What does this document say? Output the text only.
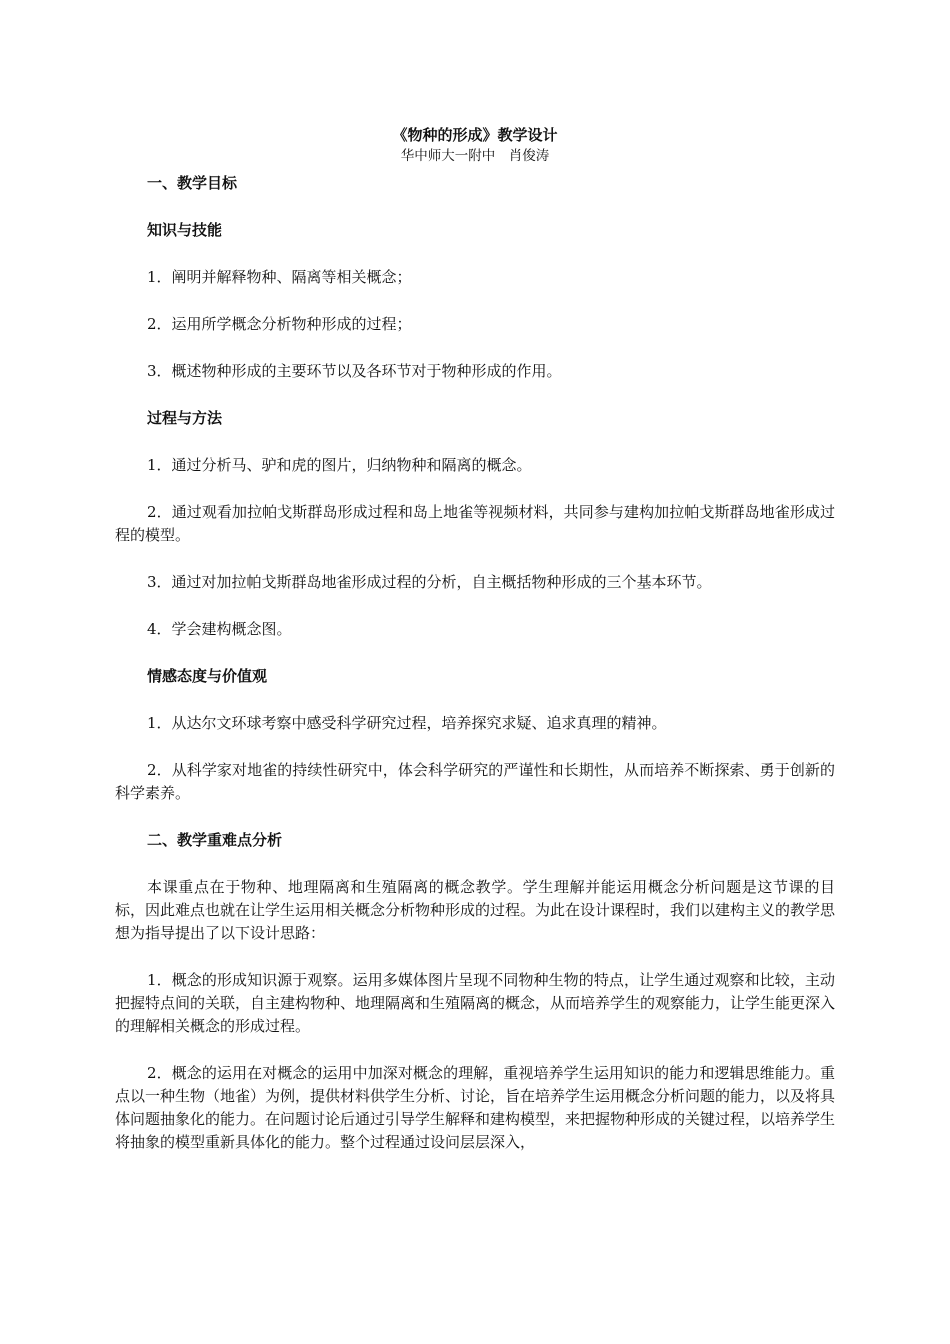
《物种的形成》教学设计

华中师大一附中　肖俊涛

一、教学目标

知识与技能

1．阐明并解释物种、隔离等相关概念；

2．运用所学概念分析物种形成的过程；

3．概述物种形成的主要环节以及各环节对于物种形成的作用。

过程与方法

1．通过分析马、驴和虎的图片，归纳物种和隔离的概念。

2．通过观看加拉帕戈斯群岛形成过程和岛上地雀等视频材料，共同参与建构加拉帕戈斯群岛地雀形成过程的模型。

3．通过对加拉帕戈斯群岛地雀形成过程的分析，自主概括物种形成的三个基本环节。

4．学会建构概念图。

情感态度与价值观

1．从达尔文环球考察中感受科学研究过程，培养探究求疑、追求真理的精神。

2．从科学家对地雀的持续性研究中，体会科学研究的严谨性和长期性，从而培养不断探索、勇于创新的科学素养。

二、教学重难点分析

本课重点在于物种、地理隔离和生殖隔离的概念教学。学生理解并能运用概念分析问题是这节课的目标，因此难点也就在让学生运用相关概念分析物种形成的过程。为此在设计课程时，我们以建构主义的教学思想为指导提出了以下设计思路：

1．概念的形成知识源于观察。运用多媒体图片呈现不同物种生物的特点，让学生通过观察和比较，主动把握特点间的关联，自主建构物种、地理隔离和生殖隔离的概念，从而培养学生的观察能力，让学生能更深入的理解相关概念的形成过程。

2．概念的运用在对概念的运用中加深对概念的理解，重视培养学生运用知识的能力和逻辑思维能力。重点以一种生物（地雀）为例，提供材料供学生分析、讨论，旨在培养学生运用概念分析问题的能力，以及将具体问题抽象化的能力。在问题讨论后通过引导学生解释和建构模型，来把握物种形成的关键过程，以培养学生将抽象的模型重新具体化的能力。整个过程通过设问层层深入，
